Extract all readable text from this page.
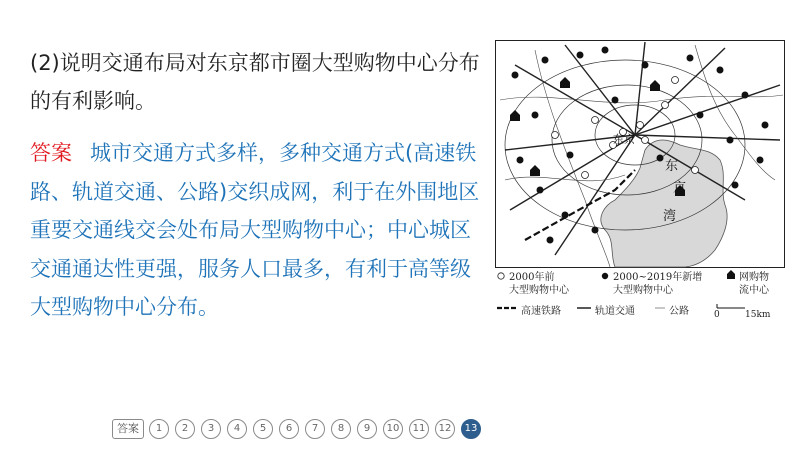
(2)说明交通布局对东京都市圈大型购物中心分布的有利影响。
答案 城市交通方式多样，多种交通方式(高速铁路、轨道交通、公路)交织成网，利于在外围地区重要交通线交会处布局大型购物中心；中心城区交通通达性更强，服务人口最多，有利于高等级大型购物中心分布。
东京
东
京
湾
2000年前
大型购物中心
2000~2019年新增
大型购物中心
网购物
流中心
高速铁路	轨道交通	公路	0	15km
答案	1	2	3	4	5	6	7	8	9	10	11	12	13
